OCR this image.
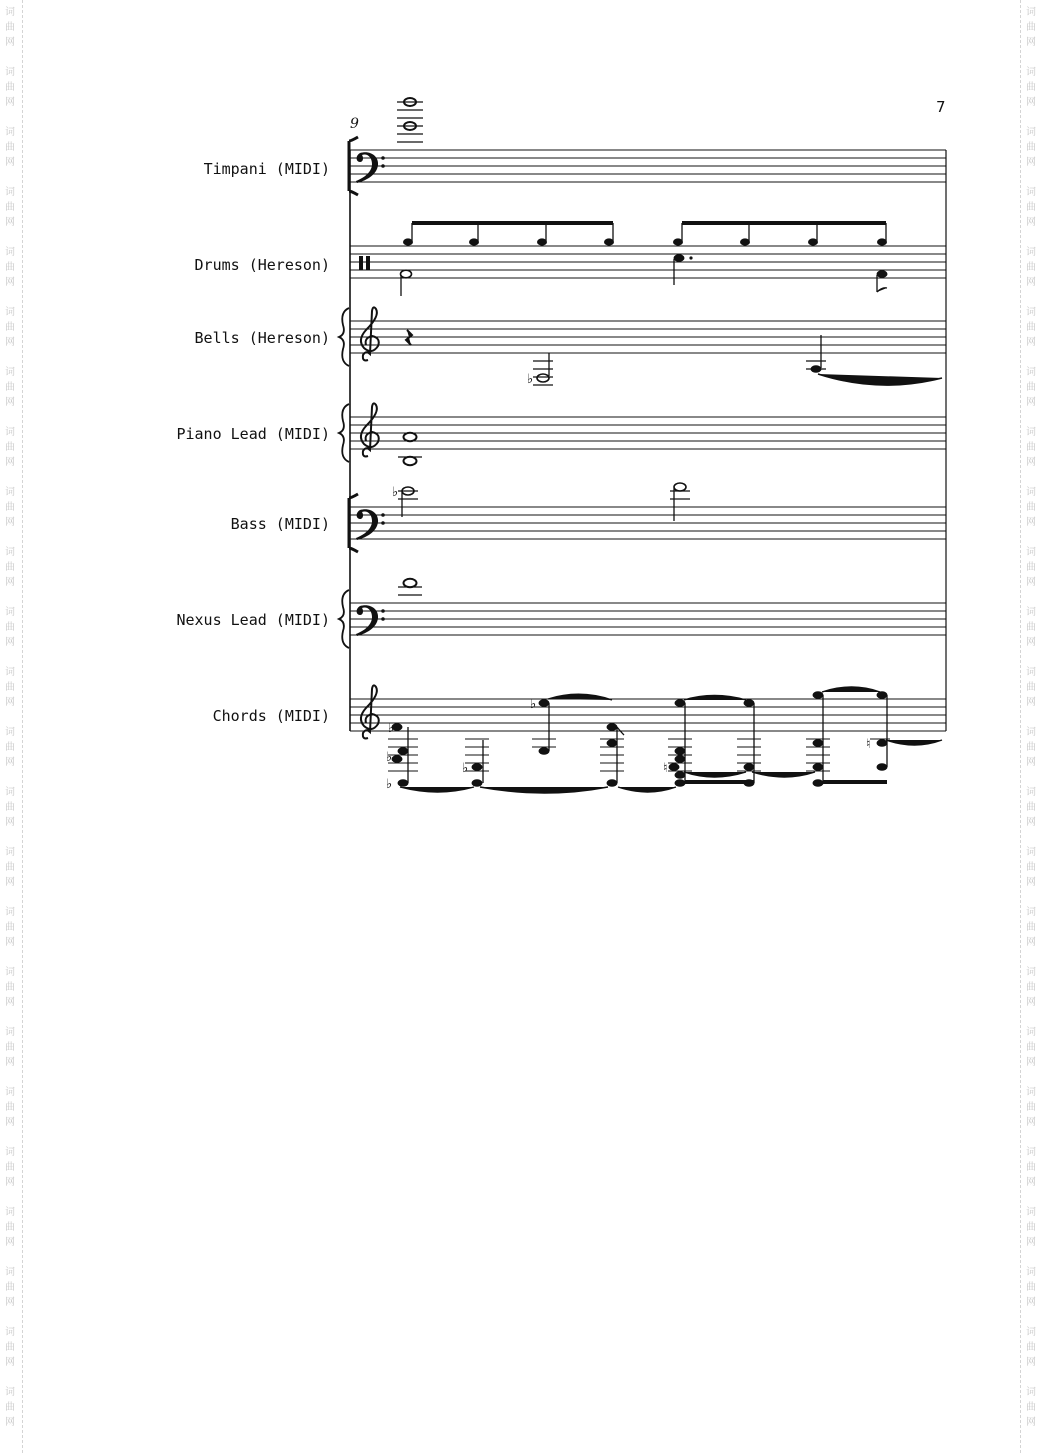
词
曲
网
词
曲
网
词
曲
网
词
曲
网
词
曲
网
词
曲
网
词
曲
网
词
曲
网
词
曲
网
词
曲
网
词
曲
网
词
曲
网
词
曲
网
词
曲
网
词
曲
网
词
曲
网
词
曲
网
词
曲
网
词
曲
网
词
曲
网
词
曲
网
词
曲
网
词
曲
网
词
曲
网
词
曲
网
词
曲
网
词
曲
网
词
曲
网
词
曲
网
词
曲
网
词
曲
网
词
曲
网
词
曲
网
词
曲
网
词
曲
网
词
曲
网
词
曲
网
词
曲
网
词
曲
网
词
曲
网
词
曲
网
词
曲
网
词
曲
网
词
曲
网
词
曲
网
词
曲
网
词
曲
网
词
曲
网
7
9
Timpani (MIDI)
Drums (Hereson)
Bells (Hereson)
Piano Lead (MIDI)
Bass (MIDI)
Nexus Lead (MIDI)
Chords (MIDI)
♭
♭
♭
♭
♭
♭
♭
♮
♮
